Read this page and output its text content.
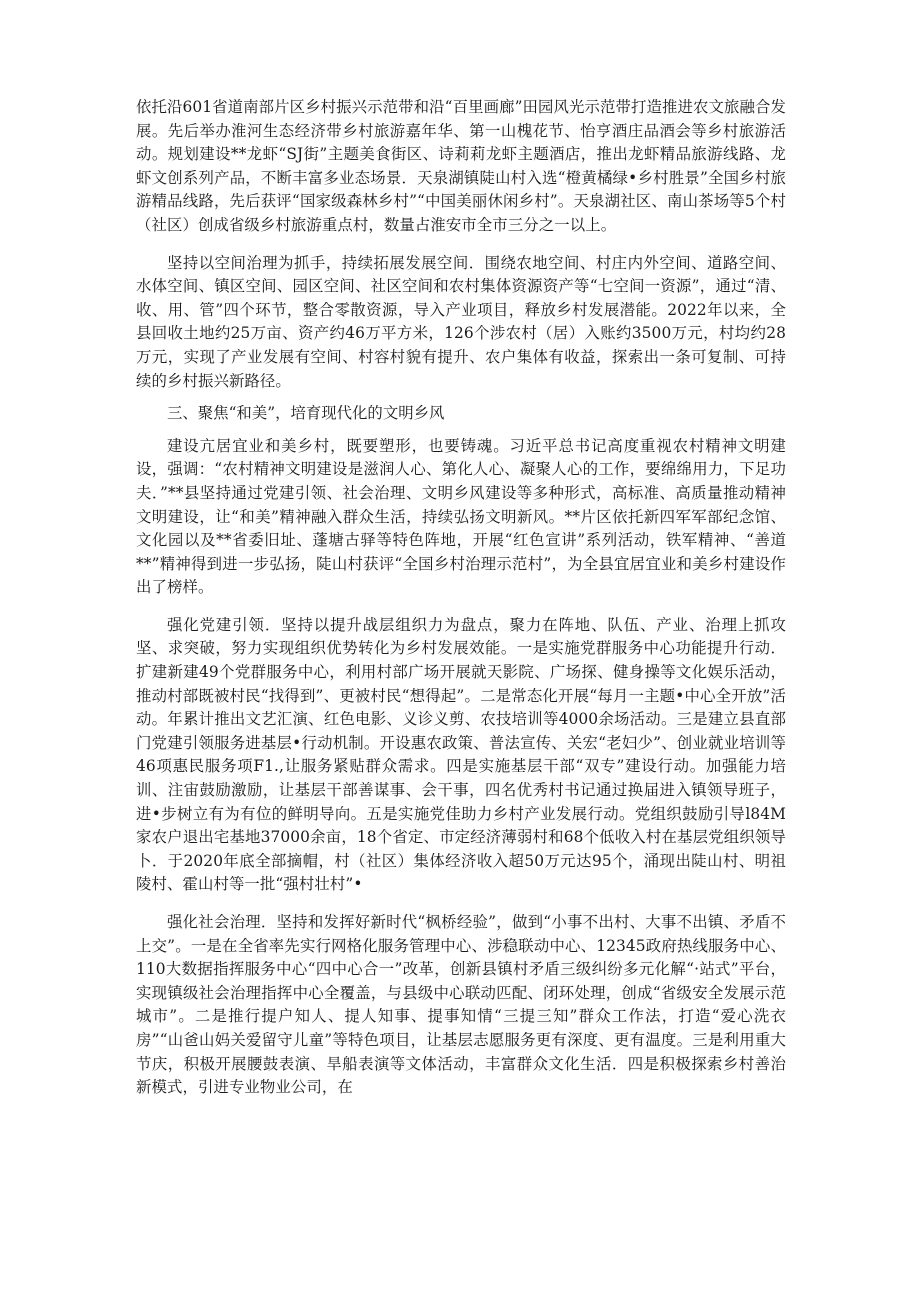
依托沿601省道南部片区乡村振兴示范带和沿“百里画廊”田园风光示范带打造推进农文旅融合发展。先后举办淮河生态经济带乡村旅游嘉年华、第一山槐花节、怡亨酒庄品酒会等乡村旅游活动。规划建设**龙虾“SJ街”主题美食街区、诗莉莉龙虾主题酒店，推出龙虾精品旅游线路、龙虾文创系列产品，不断丰富多业态场景．天泉湖镇陡山村入选“橙黄橘绿•乡村胜景”全国乡村旅游精品线路，先后获评“国家级森林乡村”“中国美丽休闲乡村”。天泉湖社区、南山茶场等5个村（社区）创成省级乡村旅游重点村，数量占淮安市全市三分之一以上。

坚持以空间治理为抓手，持续拓展发展空间．围绕农地空间、村庄内外空间、道路空间、水体空间、镇区空间、园区空间、社区空间和农村集体资源资产等“七空间一资源”，通过“清、收、用、管”四个环节，整合零散资源，导入产业项目，释放乡村发展潜能。2022年以来，全县回收土地约25万亩、资产约46万平方米，126个涉农村（居）入账约3500万元，村均约28万元，实现了产业发展有空间、村容村貌有提升、农户集体有收益，探索出一条可复制、可持续的乡村振兴新路径。

三、聚焦“和美”，培育现代化的文明乡风

建设亢居宜业和美乡村，既要塑形，也要铸魂。习近平总书记高度重视农村精神文明建设，强调：“农村精神文明建设是滋润人心、第化人心、凝聚人心的工作，要绵绵用力，下足功夫．”**县坚持通过党建引领、社会治理、文明乡风建设等多种形式，高标准、高质量推动精神文明建设，让“和美”精神融入群众生活，持续弘扬文明新风。**片区依托新四军军部纪念馆、文化园以及**省委旧址、蓬塘古驿等特色阵地，开展“红色宣讲”系列活动，铁军精神、“善道**”精神得到进一步弘扬，陡山村获评“全国乡村治理示范村”，为全县宜居宜业和美乡村建设作出了榜样。

强化党建引领．坚持以提升战层组织力为盘点，聚力在阵地、队伍、产业、治理上抓攻坚、求突破，努力实现组织优势转化为乡村发展效能。一是实施党群服务中心功能提升行动．扩建新建49个党群服务中心，利用村部广场开展就天影院、广场探、健身操等文化娱乐活动，推动村部既被村民“找得到”、更被村民“想得起”。二是常态化开展“每月一主题•中心全开放”活动。年累计推出文艺汇演、红色电影、义诊义剪、农技培训等4000余场活动。三是建立县直部门党建引领服务进基层•行动机制。开设惠农政策、普法宣传、关宏“老妇少”、创业就业培训等46项惠民服务项F1.,让服务紧贴群众需求。四是实施基层干部“双专”建设行动。加强能力培训、注宙鼓励激励，让基层干部善谋事、会干事，四名优秀村书记通过换届进入镇领导班子，进•步树立有为有位的鲜明导向。五是实施党佳助力乡村产业发展行动。党组织鼓励引导l84M家农户退出宅基地37000余亩，18个省定、市定经济薄弱村和68个低收入村在基层党组织领导卜．于2020年底全部摘帽，村（社区）集体经济收入超50万元达95个，涌现出陡山村、明祖陵村、霍山村等一批“强村壮村”•

强化社会治理．坚持和发挥好新时代“枫桥经验”，做到“小事不出村、大事不出镇、矛盾不上交”。一是在全省率先实行网格化服务管理中心、涉稳联动中心、12345政府热线服务中心、110大数据指挥服务中心“四中心合一”改革，创新县镇村矛盾三级纠纷多元化解“·站式”平台，实现镇级社会治理指挥中心全覆盖，与县级中心联动匹配、闭环处理，创成“省级安全发展示范城市”。二是推行提户知人、提人知事、提事知情“三提三知”群众工作法，打造“爱心洗衣房”“山爸山妈关爱留守儿童”等特色项目，让基层志愿服务更有深度、更有温度。三是利用重大节庆，积极开展腰鼓表演、旱船表演等文体活动，丰富群众文化生活．四是积极探索乡村善治新模式，引进专业物业公司，在
